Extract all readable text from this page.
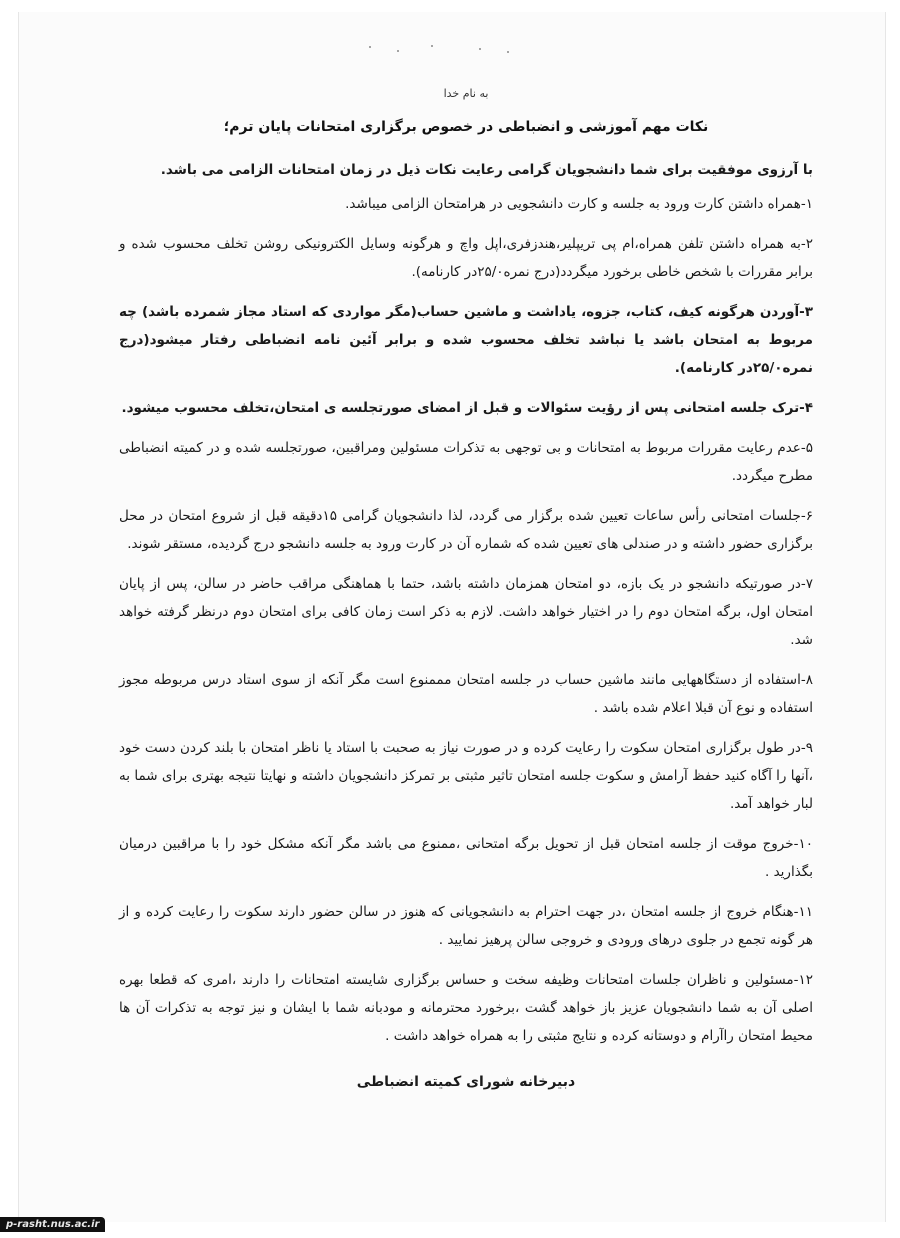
به نام خدا
نکات مهم آموزشی و انضباطی در خصوص برگزاری امتحانات پایان ترم؛
با آرزوی موفقیت برای شما دانشجویان گرامی رعایت نکات ذیل در زمان امتحانات الزامی می باشد.
۱-همراه داشتن کارت ورود به جلسه و کارت دانشجویی در هرامتحان الزامی میباشد.
۲-به همراه داشتن تلفن همراه،ام پی تریپلیر،هندزفری،اپل واچ و هرگونه وسایل الکترونیکی روشن تخلف محسوب شده و برابر مقررات با شخص خاطی برخورد میگردد(درج نمره۲۵/۰در کارنامه).
۳-آوردن هرگونه کیف، کتاب، جزوه، یاداشت و ماشین حساب(مگر مواردی که استاد مجاز شمرده باشد) چه مربوط به امتحان باشد یا نباشد تخلف محسوب شده و برابر آئین نامه انضباطی رفتار میشود(درج نمره۲۵/۰در کارنامه).
۴-ترک جلسه امتحانی پس از رؤیت سئوالات و قبل از امضای صورتجلسه ی امتحان،تخلف محسوب میشود.
۵-عدم رعایت مقررات مربوط به امتحانات و بی توجهی به تذکرات مسئولین ومراقبین، صورتجلسه شده و در کمیته انضباطی مطرح میگردد.
۶-جلسات امتحانی رأس ساعات تعیین شده برگزار می گردد، لذا دانشجویان گرامی ۱۵دقیقه قبل از شروع امتحان در محل برگزاری حضور داشته و در صندلی های تعیین شده که شماره آن در کارت ورود به جلسه دانشجو درج گردیده، مستقر شوند.
۷-در صورتیکه دانشجو در یک بازه، دو امتحان همزمان داشته باشد، حتما با هماهنگی مراقب حاضر در سالن، پس از پایان امتحان اول، برگه امتحان دوم را در اختیار خواهد داشت. لازم به ذکر است زمان کافی برای امتحان دوم درنظر گرفته خواهد شد.
۸-استفاده از دستگاههایی مانند ماشین حساب در جلسه امتحان مممنوع است مگر آنکه از سوی استاد درس مربوطه مجوز استفاده و نوع آن قبلا اعلام شده باشد .
۹-در طول برگزاری امتحان سکوت را رعایت کرده و در صورت نیاز به صحبت با استاد یا ناظر امتحان با بلند کردن دست خود ،آنها را آگاه کنید حفظ آرامش و سکوت جلسه امتحان تاثیر مثبتی بر تمرکز دانشجویان داشته و نهایتا نتیجه بهتری برای شما به لبار خواهد آمد.
۱۰-خروج موقت از جلسه امتحان قبل از تحویل برگه امتحانی ،ممنوع می باشد مگر آنکه مشکل خود را با مراقبین درمیان بگذارید .
۱۱-هنگام خروج از جلسه امتحان ،در جهت احترام به دانشجویانی که هنوز در سالن حضور دارند سکوت را رعایت کرده و از هر گونه تجمع در جلوی درهای ورودی و خروجی سالن پرهیز نمایید .
۱۲-مسئولین و ناظران جلسات امتحانات وظیفه سخت و حساس برگزاری شایسته امتحانات را دارند ،امری که قطعا بهره اصلی آن به شما دانشجویان عزیز باز خواهد گشت ،برخورد محترمانه و مودبانه شما با ایشان و نیز توجه به تذکرات آن ها محیط امتحان راآرام و دوستانه کرده و نتایج مثبتی را به همراه خواهد داشت .
دبیرخانه شورای کمیته انضباطی
p-rasht.nus.ac.ir
